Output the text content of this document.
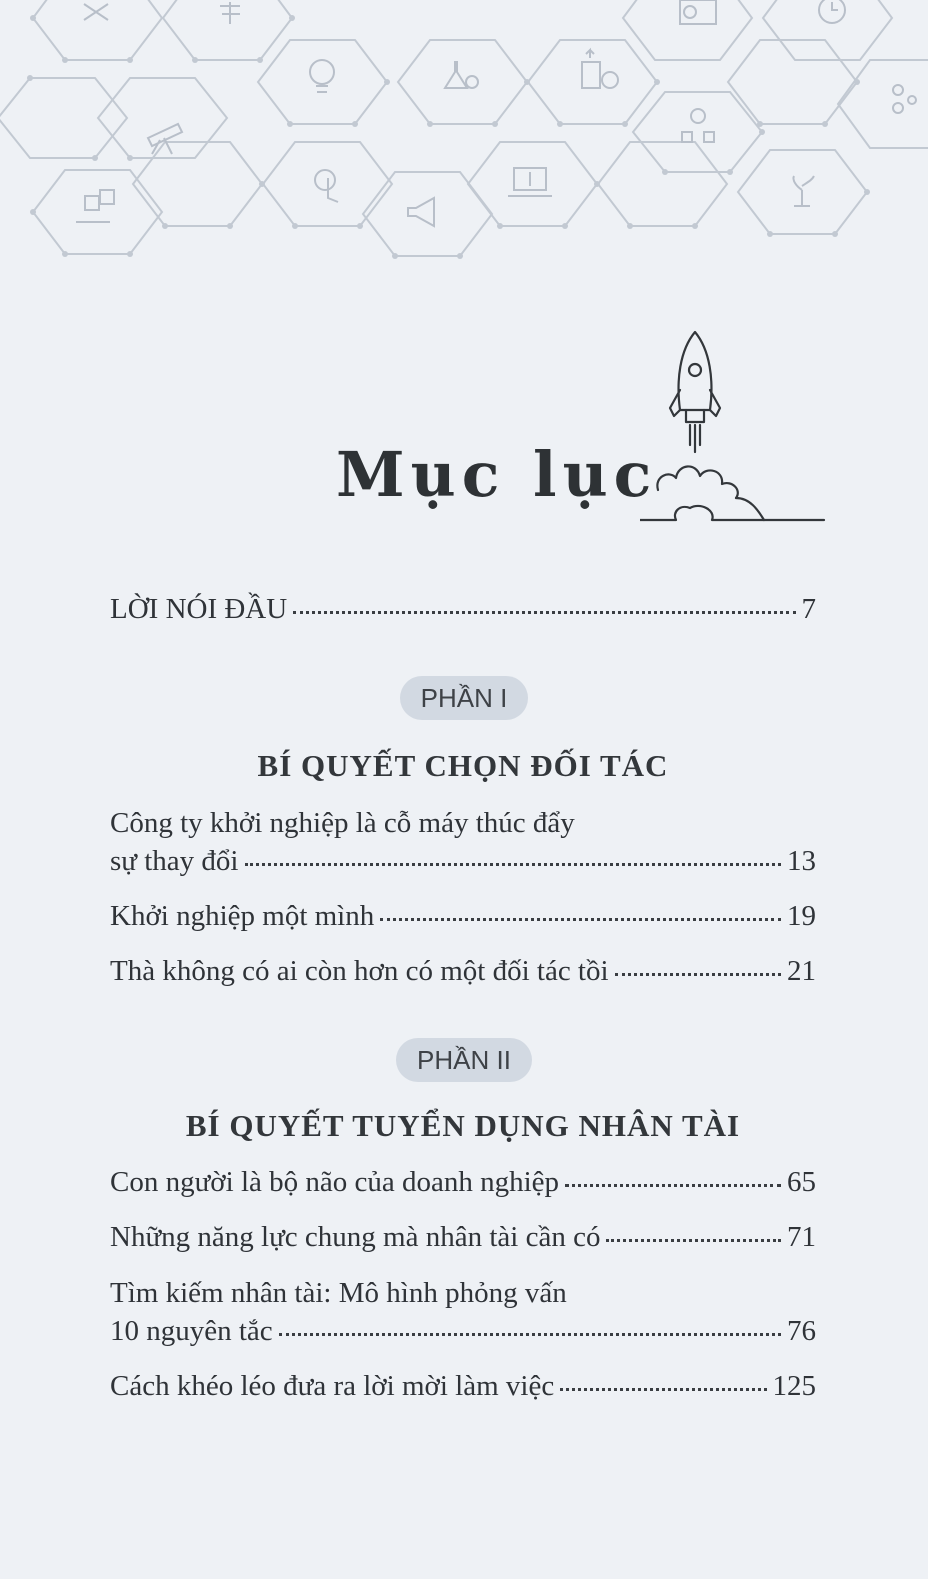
Mục lục
LỜI NÓI ĐẦU	7
PHẦN I
BÍ QUYẾT CHỌN ĐỐI TÁC
Công ty khởi nghiệp là cỗ máy thúc đẩy
sự thay đổi	13
Khởi nghiệp một mình	19
Thà không có ai còn hơn có một đối tác tồi	21
PHẦN II
BÍ QUYẾT TUYỂN DỤNG NHÂN TÀI
Con người là bộ não của doanh nghiệp	65
Những năng lực chung mà nhân tài cần có	71
Tìm kiếm nhân tài: Mô hình phỏng vấn
10 nguyên tắc	76
Cách khéo léo đưa ra lời mời làm việc	125
